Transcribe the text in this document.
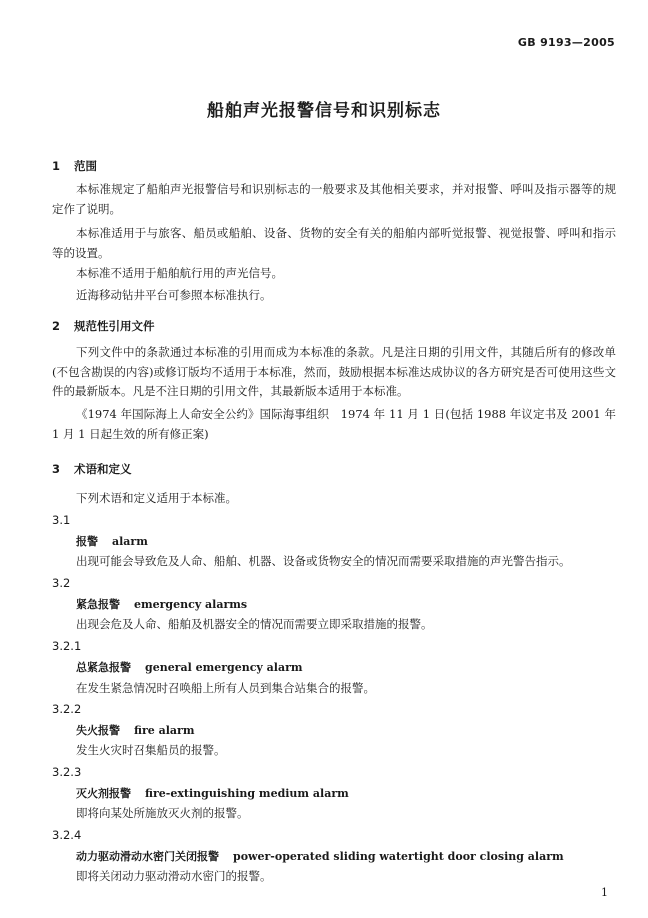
GB 9193—2005
船舶声光报警信号和识别标志
1 范围

本标准规定了船舶声光报警信号和识别标志的一般要求及其他相关要求，并对报警、呼叫及指示器等的规定作了说明。

本标准适用于与旅客、船员或船舶、设备、货物的安全有关的船舶内部听觉报警、视觉报警、呼叫和指示等的设置。

本标准不适用于船舶航行用的声光信号。
近海移动钻井平台可参照本标准执行。
2 规范性引用文件

下列文件中的条款通过本标准的引用而成为本标准的条款。凡是注日期的引用文件，其随后所有的修改单(不包含勘误的内容)或修订版均不适用于本标准，然而，鼓励根据本标准达成协议的各方研究是否可使用这些文件的最新版本。凡是不注日期的引用文件，其最新版本适用于本标准。

《1974 年国际海上人命安全公约》国际海事组织　1974 年 11 月 1 日(包括 1988 年议定书及 2001 年 1 月 1 日起生效的所有修正案)

3 术语和定义
下列术语和定义适用于本标准。
3.1
报警 alarm
出现可能会导致危及人命、船舶、机器、设备或货物安全的情况而需要采取措施的声光警告指示。
3.2
紧急报警 emergency alarms
出现会危及人命、船舶及机器安全的情况而需要立即采取措施的报警。
3.2.1
总紧急报警 general emergency alarm
在发生紧急情况时召唤船上所有人员到集合站集合的报警。
3.2.2
失火报警 fire alarm
发生火灾时召集船员的报警。
3.2.3
灭火剂报警 fire-extinguishing medium alarm
即将向某处所施放灭火剂的报警。
3.2.4
动力驱动滑动水密门关闭报警 power-operated sliding watertight door closing alarm
即将关闭动力驱动滑动水密门的报警。
1
